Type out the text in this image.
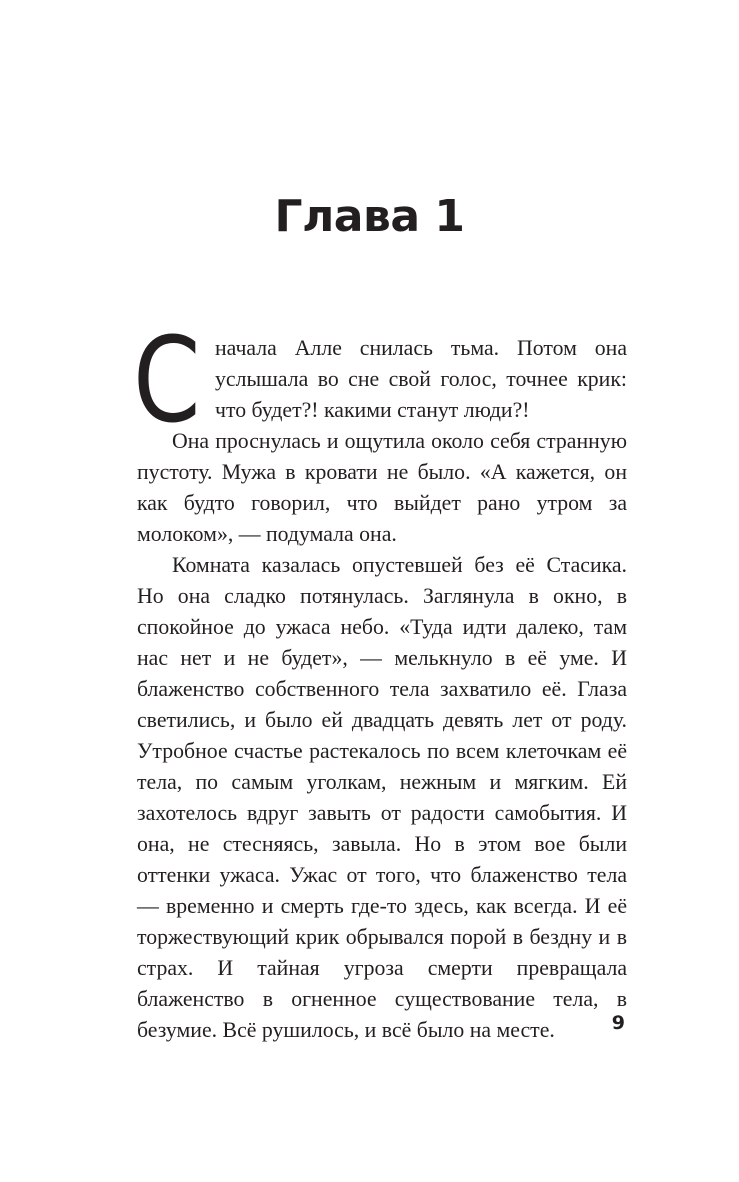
Глава 1

Сначала Алле снилась тьма. Потом она услышала во сне свой голос, точнее крик: что будет?! какими станут люди?!

Она проснулась и ощутила около себя странную пустоту. Мужа в кровати не было. «А кажется, он как будто говорил, что выйдет рано утром за молоком», — подумала она.

Комната казалась опустевшей без её Стасика. Но она сладко потянулась. Заглянула в окно, в спокойное до ужаса небо. «Туда идти далеко, там нас нет и не будет», — мелькнуло в её уме. И блаженство собственного тела захватило её. Глаза светились, и было ей двадцать девять лет от роду. Утробное счастье растекалось по всем клеточкам её тела, по самым уголкам, нежным и мягким. Ей захотелось вдруг завыть от радости самобытия. И она, не стесняясь, завыла. Но в этом вое были оттенки ужаса. Ужас от того, что блаженство тела — временно и смерть где-то здесь, как всегда. И её торжествующий крик обрывался порой в бездну и в страх. И тайная угроза смерти превращала блаженство в огненное существование тела, в безумие. Всё рушилось, и всё было на месте.	9
